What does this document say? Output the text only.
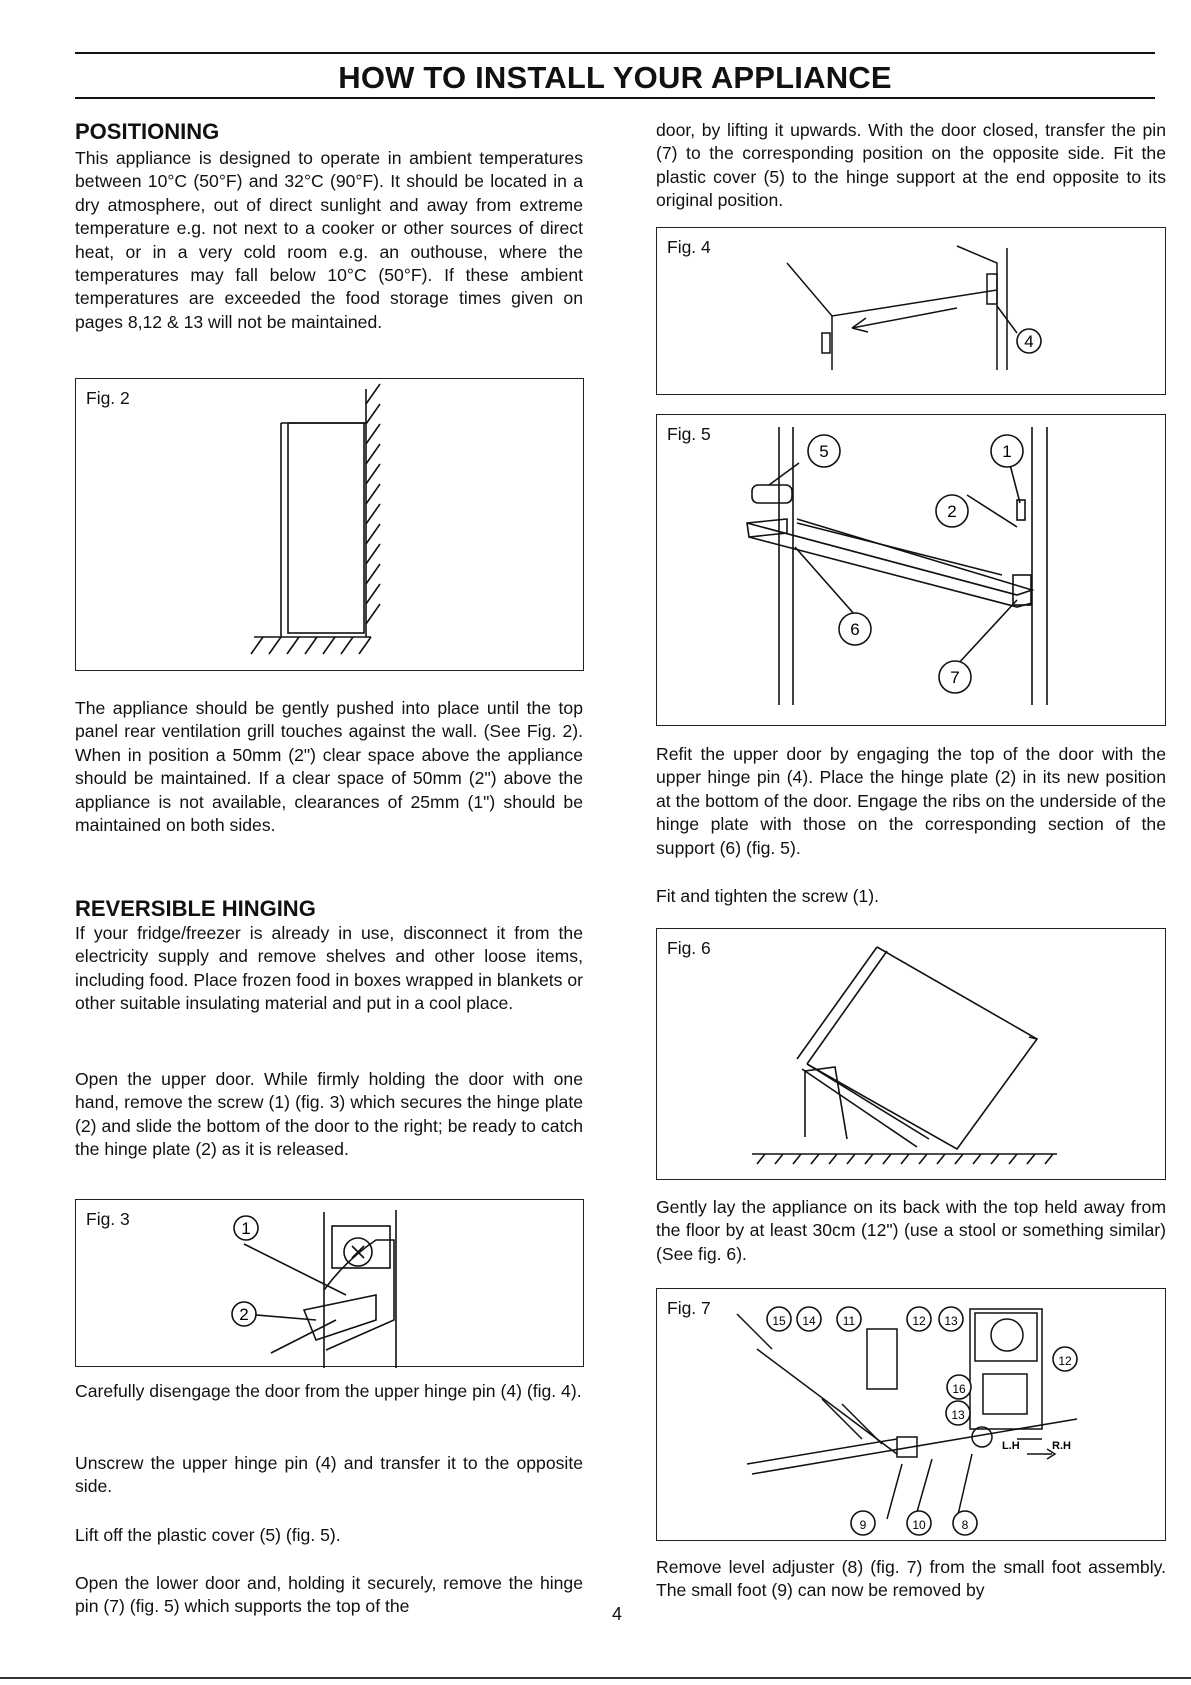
HOW TO INSTALL YOUR APPLIANCE

POSITIONING

This appliance is designed to operate in ambient temperatures between 10°C (50°F) and 32°C (90°F). It should be located in a dry atmosphere, out of direct sunlight and away from extreme temperature e.g. not next to a cooker or other sources of direct heat, or in a very cold room e.g. an outhouse, where the temperatures may fall below 10°C (50°F). If these ambient temperatures are exceeded the food storage times given on pages 8,12 & 13 will not be maintained.

Fig. 2

The appliance should be gently pushed into place until the top panel rear ventilation grill touches against the wall. (See Fig. 2). When in position a 50mm (2") clear space above the appliance should be maintained. If a clear space of 50mm (2") above the appliance is not available, clearances of 25mm (1") should be maintained on both sides.

REVERSIBLE HINGING

If your fridge/freezer is already in use, disconnect it from the electricity supply and remove shelves and other loose items, including food. Place frozen food in boxes wrapped in blankets or other suitable insulating material and put in a cool place.

Open the upper door. While firmly holding the door with one hand, remove the screw (1) (fig. 3) which secures the hinge plate (2) and slide the bottom of the door to the right; be ready to catch the hinge plate (2) as it is released.

Fig. 3	1
2

Carefully disengage the door from the upper hinge pin (4) (fig. 4).

Unscrew the upper hinge pin (4) and transfer it to the opposite side.

Lift off the plastic cover (5) (fig. 5).

Open the lower door and, holding it securely, remove the hinge pin (7) (fig. 5) which supports the top of the	4

door, by lifting it upwards. With the door closed, transfer the pin (7) to the corresponding position on the opposite side. Fit the plastic cover (5) to the hinge support at the end opposite to its original position.

Fig. 4
4
Fig. 5
5	1
2
6
7

Refit the upper door by engaging the top of the door with the upper hinge pin (4). Place the hinge plate (2) in its new position at the bottom of the door. Engage the ribs on the underside of the hinge plate with those on the corresponding section of the support (6) (fig. 5).

Fit and tighten the screw (1).

Fig. 6

Gently lay the appliance on its back with the top held away from the floor by at least 30cm (12") (use a stool or something similar) (See fig. 6).

Fig. 7
15 14 11	12 13
16
12
13
9	10	8
L.H	R.H

Remove level adjuster (8) (fig. 7) from the small foot assembly. The small foot (9) can now be removed by
